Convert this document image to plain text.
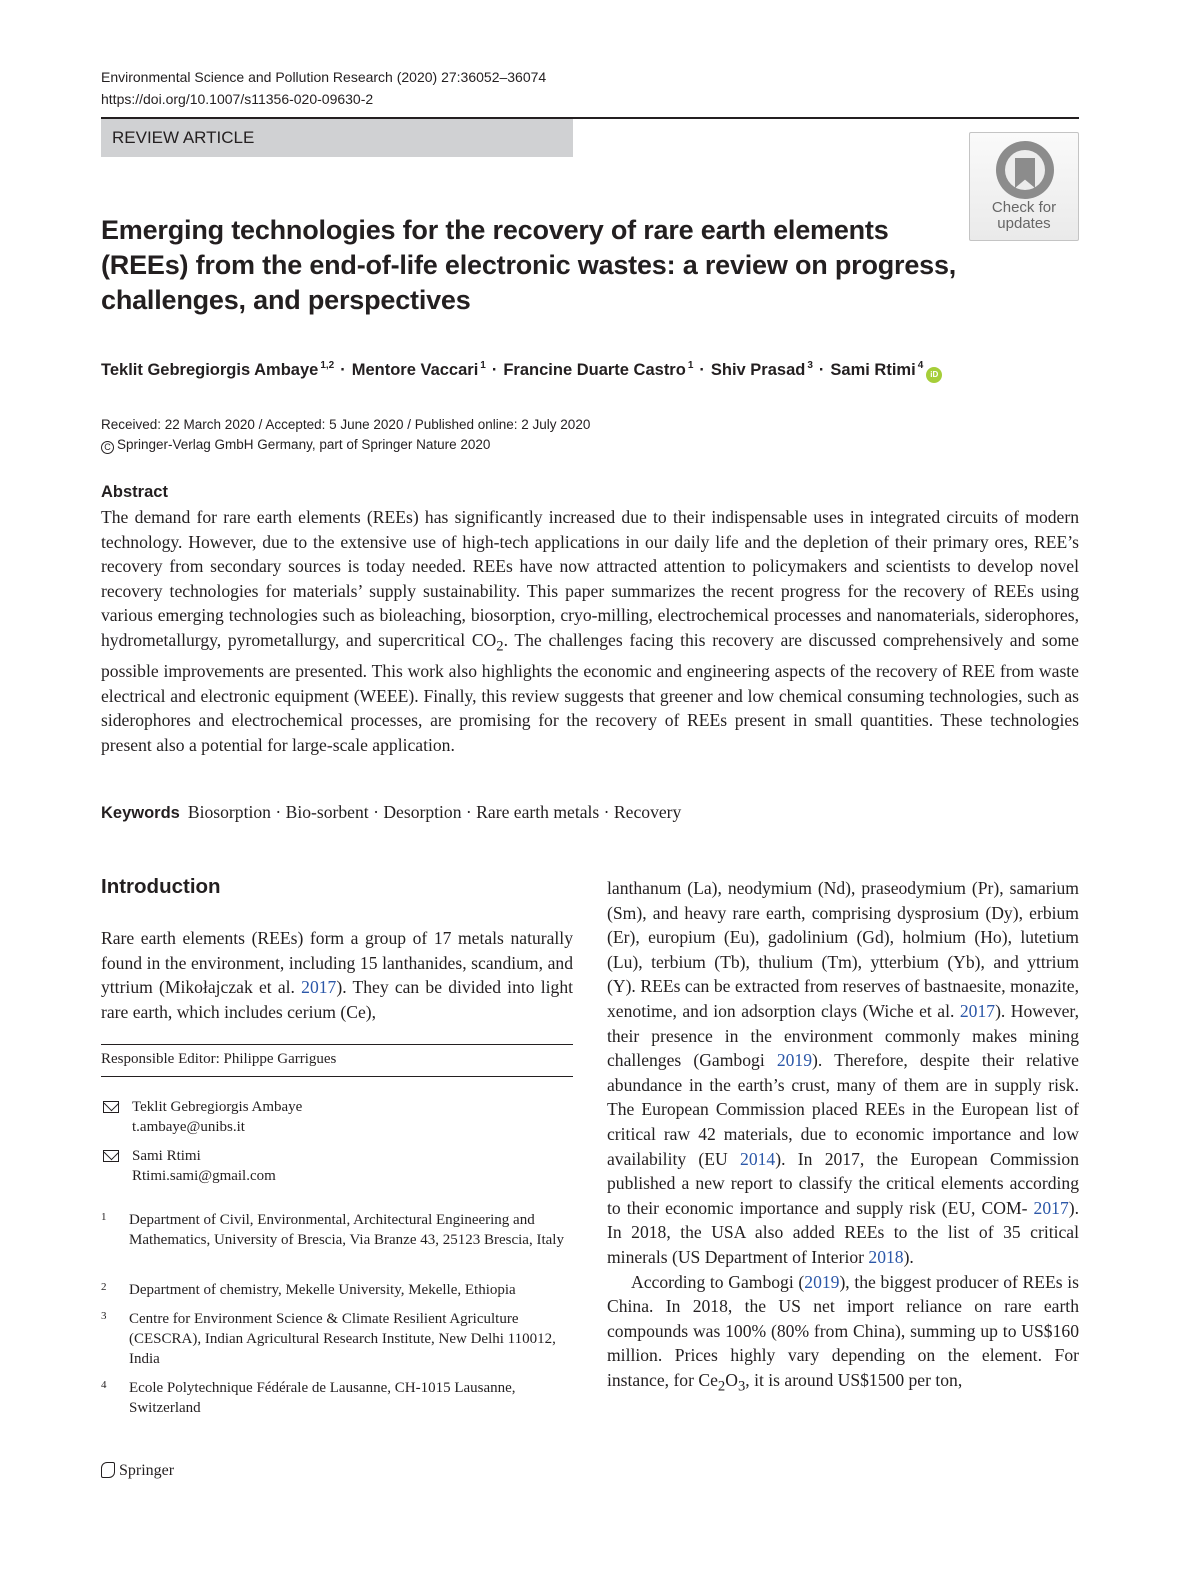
Environmental Science and Pollution Research (2020) 27:36052–36074
https://doi.org/10.1007/s11356-020-09630-2
REVIEW ARTICLE
Check for
updates
Emerging technologies for the recovery of rare earth elements (REEs) from the end-of-life electronic wastes: a review on progress, challenges, and perspectives
Teklit Gebregiorgis Ambaye $^{1,2}$ · Mentore Vaccari $^1$ · Francine Duarte Castro $^1$ · Shiv Prasad $^3$ · Sami Rtimi $^4$iD
Received: 22 March 2020 / Accepted: 5 June 2020 / Published online: 2 July 2020
C Springer-Verlag GmbH Germany, part of Springer Nature 2020
Abstract

The demand for rare earth elements (REEs) has significantly increased due to their indispensable uses in integrated circuits of modern technology. However, due to the extensive use of high-tech applications in our daily life and the depletion of their primary ores, REE’s recovery from secondary sources is today needed. REEs have now attracted attention to policymakers and scientists to develop novel recovery technologies for materials’ supply sustainability. This paper summarizes the recent progress for the recovery of REEs using various emerging technologies such as bioleaching, biosorption, cryo-milling, electrochemical processes and nanomaterials, siderophores, hydrometallurgy, pyrometallurgy, and supercritical $CO_2$. The challenges facing this recovery are discussed comprehensively and some possible improvements are presented. This work also highlights the economic and engineering aspects of the recovery of REE from waste electrical and electronic equipment (WEEE). Finally, this review suggests that greener and low chemical consuming technologies, such as siderophores and electrochemical processes, are promising for the recovery of REEs present in small quantities. These technologies present also a potential for large-scale application.

Keywords Biosorption · Bio-sorbent · Desorption · Rare earth metals · Recovery
Introduction

Rare earth elements (REEs) form a group of 17 metals naturally found in the environment, including 15 lanthanides, scandium, and yttrium (Mikołajczak et al. 2017). They can be divided into light rare earth, which includes cerium (Ce),

Responsible Editor: Philippe Garrigues
Teklit Gebregiorgis Ambaye
t.ambaye@unibs.it
Sami Rtimi
Rtimi.sami@gmail.com
1 Department of Civil, Environmental, Architectural Engineering and Mathematics, University of Brescia, Via Branze 43, 25123 Brescia, Italy
2 Department of chemistry, Mekelle University, Mekelle, Ethiopia
3 Centre for Environment Science & Climate Resilient Agriculture (CESCRA), Indian Agricultural Research Institute, New Delhi 110012, India
4 Ecole Polytechnique Fédérale de Lausanne, CH-1015 Lausanne, Switzerland

lanthanum (La), neodymium (Nd), praseodymium (Pr), samarium (Sm), and heavy rare earth, comprising dysprosium (Dy), erbium (Er), europium (Eu), gadolinium (Gd), holmium (Ho), lutetium (Lu), terbium (Tb), thulium (Tm), ytterbium (Yb), and yttrium (Y). REEs can be extracted from reserves of bastnaesite, monazite, xenotime, and ion adsorption clays (Wiche et al. 2017). However, their presence in the environment commonly makes mining challenges (Gambogi 2019). Therefore, despite their relative abundance in the earth’s crust, many of them are in supply risk. The European Commission placed REEs in the European list of critical raw 42 materials, due to economic importance and low availability (EU 2014). In 2017, the European Commission published a new report to classify the critical elements according to their economic importance and supply risk (EU, COM- 2017). In 2018, the USA also added REEs to the list of 35 critical minerals (US Department of Interior 2018).

According to Gambogi (2019), the biggest producer of REEs is China. In 2018, the US net import reliance on rare earth compounds was 100% (80% from China), summing up to US$160 million. Prices highly vary depending on the element. For instance, for $Ce_2O_3$, it is around US$1500 per ton,

Springer
